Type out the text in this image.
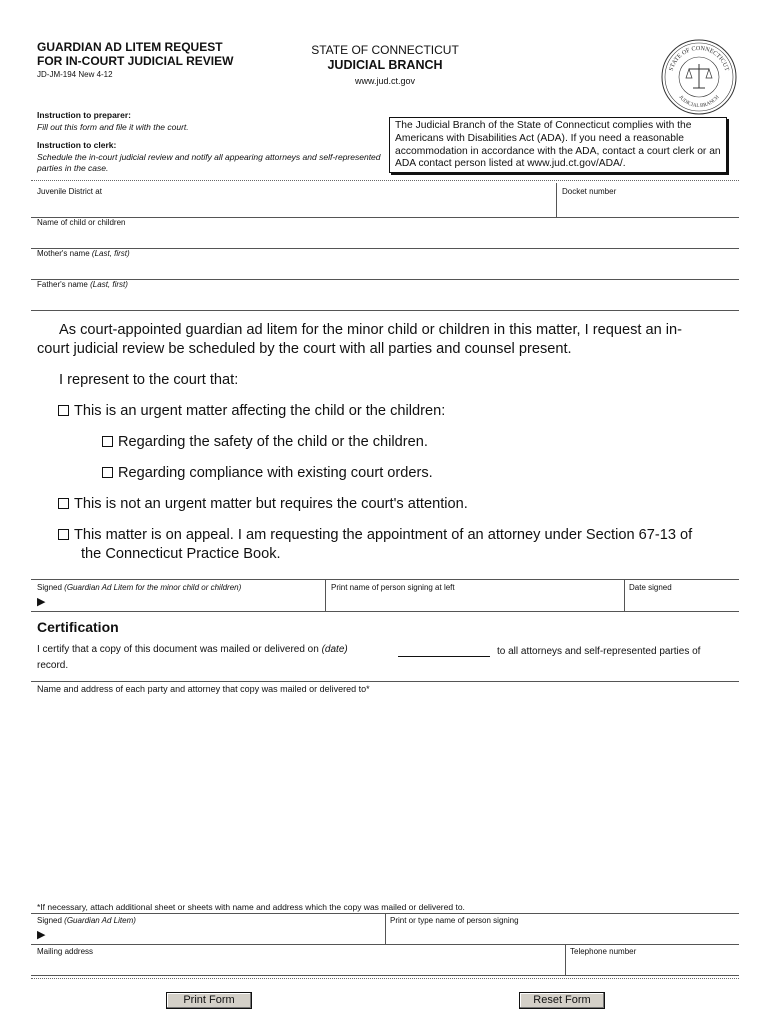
GUARDIAN AD LITEM REQUEST
FOR IN-COURT JUDICIAL REVIEW
JD-JM-194 New 4-12
STATE OF CONNECTICUT
JUDICIAL BRANCH
www.jud.ct.gov
STATE OF CONNECTICUT
JUDICIAL BRANCH
Instruction to preparer:
Fill out this form and file it with the court.
Instruction to clerk:
Schedule the in-court judicial review and notify all appearing attorneys and self-represented parties in the case.
The Judicial Branch of the State of Connecticut complies with the Americans with Disabilities Act (ADA). If you need a reasonable accommodation in accordance with the ADA, contact a court clerk or an ADA contact person listed at www.jud.ct.gov/ADA/.
Juvenile District at	Docket number
Name of child or children
Mother's name (Last, first)
Father's name (Last, first)
As court-appointed guardian ad litem for the minor child or children in this matter, I request an in-
court judicial review be scheduled by the court with all parties and counsel present.
I represent to the court that:
This is an urgent matter affecting the child or the children:
Regarding the safety of the child or the children.
Regarding compliance with existing court orders.
This is not an urgent matter but requires the court's attention.
This matter is on appeal. I am requesting the appointment of an attorney under Section 67-13 of
the Connecticut Practice Book.
Signed (Guardian Ad Litem for the minor child or children)
▶
Print name of person signing at left	Date signed
Certification
I certify that a copy of this document was mailed or delivered on (date)	to all attorneys and self-represented parties of
record.
Name and address of each party and attorney that copy was mailed or delivered to*
*If necessary, attach additional sheet or sheets with name and address which the copy was mailed or delivered to.
Signed (Guardian Ad Litem)
▶
Print or type name of person signing
Mailing address	Telephone number
Print Form	Reset Form
